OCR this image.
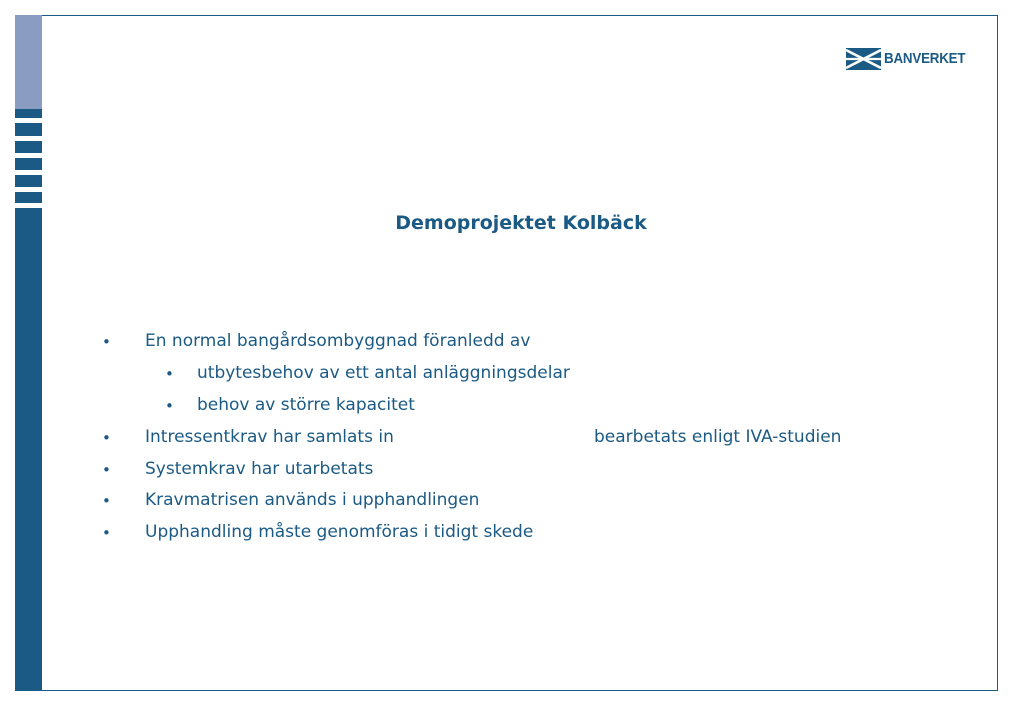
BANVERKET
Demoprojektet Kolbäck
• En normal bangårdsombyggnad föranledd av
• utbytesbehov av ett antal anläggningsdelar
• behov av större kapacitet
• Intressentkrav har samlats in	bearbetats enligt IVA-studien
• Systemkrav har utarbetats
• Kravmatrisen används i upphandlingen
• Upphandling måste genomföras i tidigt skede
